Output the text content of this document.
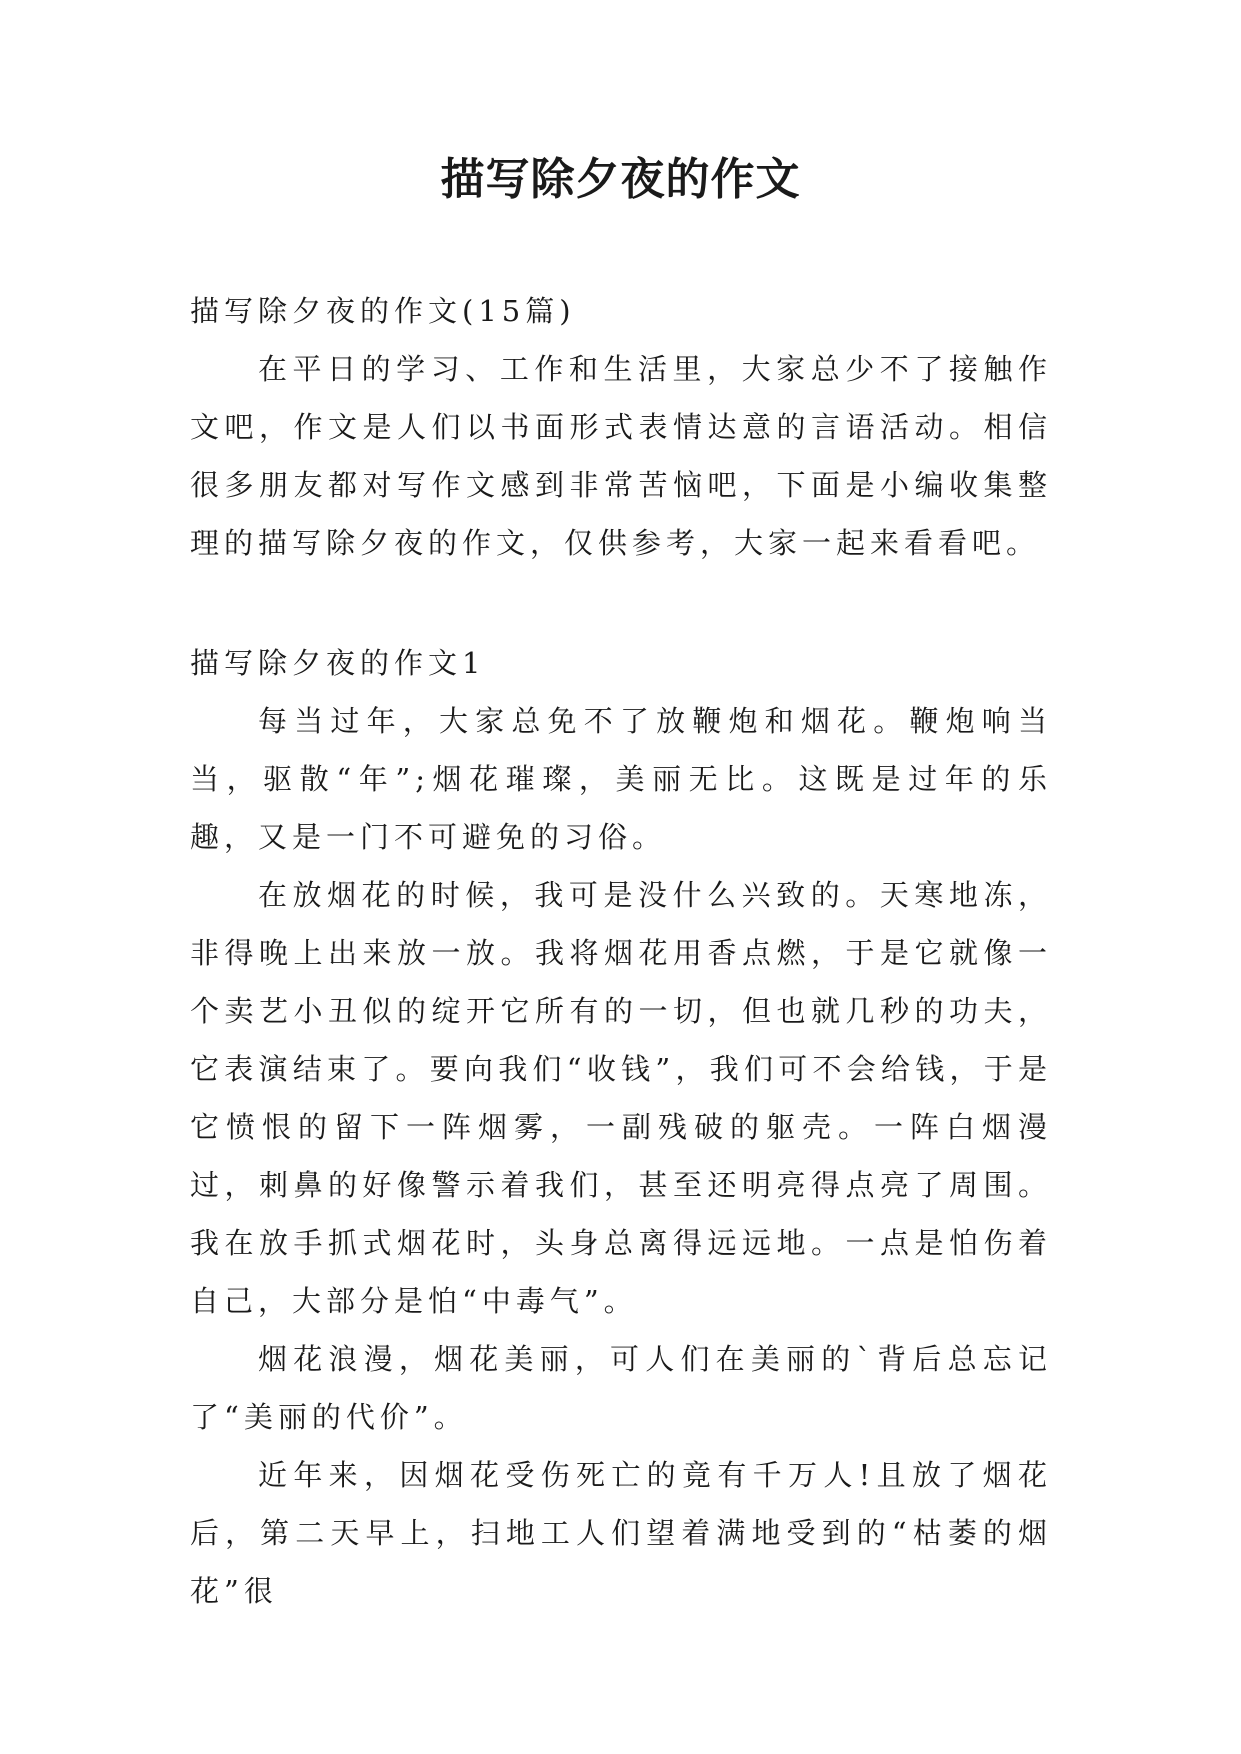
描写除夕夜的作文

描写除夕夜的作文(15篇)

在平日的学习、工作和生活里，大家总少不了接触作文吧，作文是人们以书面形式表情达意的言语活动。相信很多朋友都对写作文感到非常苦恼吧，下面是小编收集整理的描写除夕夜的作文，仅供参考，大家一起来看看吧。

描写除夕夜的作文1

每当过年，大家总免不了放鞭炮和烟花。鞭炮响当当，驱散“年”;烟花璀璨，美丽无比。这既是过年的乐趣，又是一门不可避免的习俗。

在放烟花的时候，我可是没什么兴致的。天寒地冻，非得晚上出来放一放。我将烟花用香点燃，于是它就像一个卖艺小丑似的绽开它所有的一切，但也就几秒的功夫，它表演结束了。要向我们“收钱”，我们可不会给钱，于是它愤恨的留下一阵烟雾，一副残破的躯壳。一阵白烟漫过，刺鼻的好像警示着我们，甚至还明亮得点亮了周围。我在放手抓式烟花时，头身总离得远远地。一点是怕伤着自己，大部分是怕“中毒气”。

烟花浪漫，烟花美丽，可人们在美丽的`背后总忘记了“美丽的代价”。

近年来，因烟花受伤死亡的竟有千万人!且放了烟花后，第二天早上，扫地工人们望着满地受到的“枯萎的烟花”很
